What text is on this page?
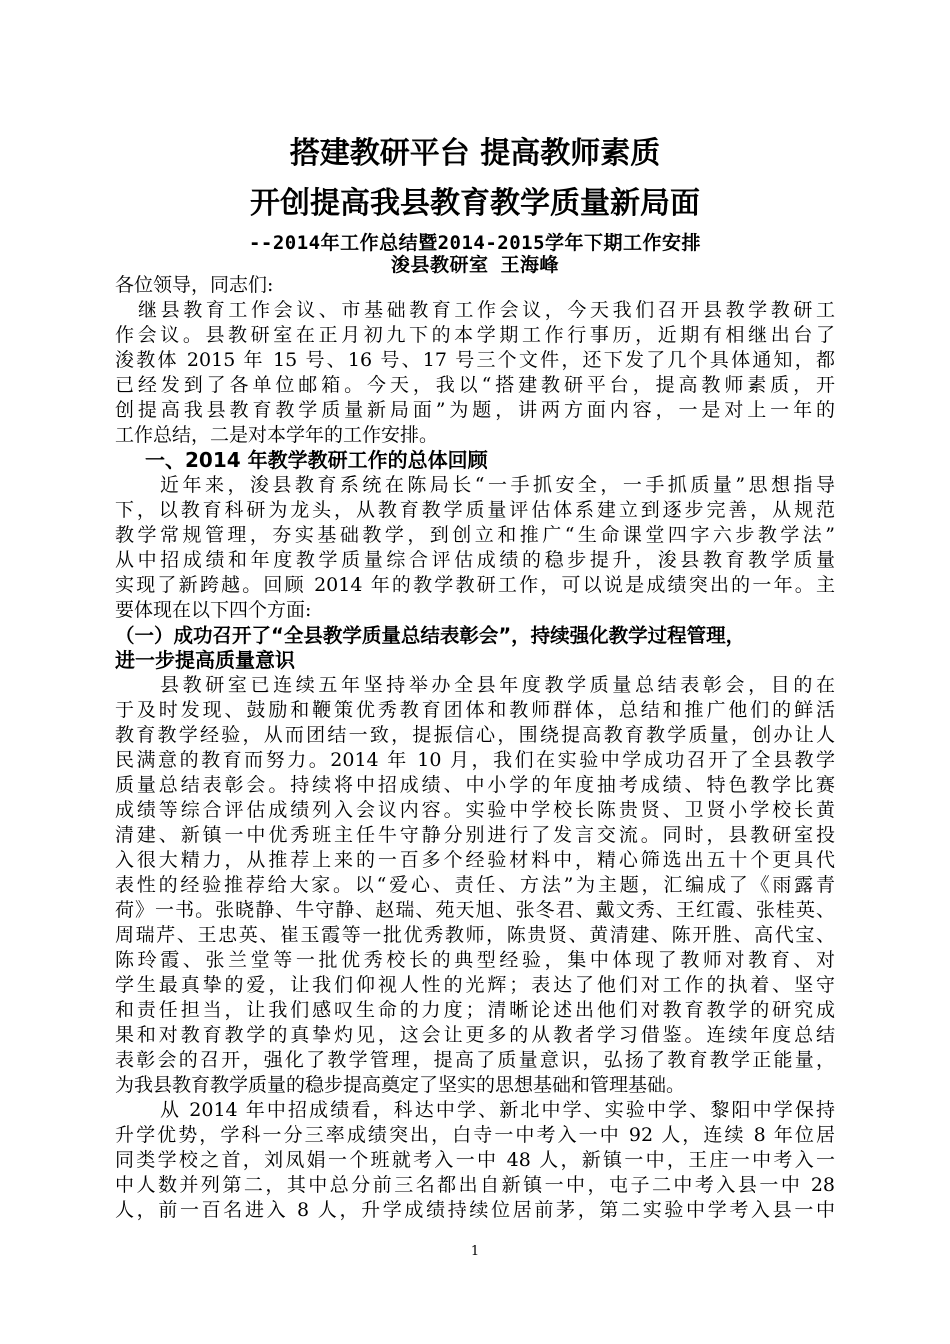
搭建教研平台 提高教师素质
开创提高我县教育教学质量新局面
--2014年工作总结暨2014-2015学年下期工作安排
浚县教研室 王海峰
各位领导，同志们:
继县教育工作会议、市基础教育工作会议，今天我们召开县教学教研工
作会议。县教研室在正月初九下的本学期工作行事历，近期有相继出台了
浚教体 2015 年 15 号、16 号、17 号三个文件，还下发了几个具体通知，都
已经发到了各单位邮箱。今天，我以“搭建教研平台，提高教师素质，开
创提高我县教育教学质量新局面”为题，讲两方面内容，一是对上一年的
工作总结，二是对本学年的工作安排。
一、2014 年教学教研工作的总体回顾
近年来，浚县教育系统在陈局长“一手抓安全，一手抓质量”思想指导
下，以教育科研为龙头，从教育教学质量评估体系建立到逐步完善，从规范
教学常规管理，夯实基础教学，到创立和推广“生命课堂四字六步教学法”
从中招成绩和年度教学质量综合评估成绩的稳步提升，浚县教育教学质量
实现了新跨越。回顾 2014 年的教学教研工作，可以说是成绩突出的一年。主
要体现在以下四个方面:
（一）成功召开了“全县教学质量总结表彰会”，持续强化教学过程管理，
进一步提高质量意识
县教研室已连续五年坚持举办全县年度教学质量总结表彰会，目的在
于及时发现、鼓励和鞭策优秀教育团体和教师群体，总结和推广他们的鲜活
教育教学经验，从而团结一致，提振信心，围绕提高教育教学质量，创办让人
民满意的教育而努力。2014 年 10 月，我们在实验中学成功召开了全县教学
质量总结表彰会。持续将中招成绩、中小学的年度抽考成绩、特色教学比赛
成绩等综合评估成绩列入会议内容。实验中学校长陈贵贤、卫贤小学校长黄
清建、新镇一中优秀班主任牛守静分别进行了发言交流。同时，县教研室投
入很大精力，从推荐上来的一百多个经验材料中，精心筛选出五十个更具代
表性的经验推荐给大家。以“爱心、责任、方法”为主题，汇编成了《雨露青
荷》一书。张晓静、牛守静、赵瑞、苑天旭、张冬君、戴文秀、王红霞、张桂英、
周瑞芹、王忠英、崔玉霞等一批优秀教师，陈贵贤、黄清建、陈开胜、高代宝、
陈玲霞、张兰堂等一批优秀校长的典型经验，集中体现了教师对教育、对
学生最真挚的爱，让我们仰视人性的光辉；表达了他们对工作的执着、坚守
和责任担当，让我们感叹生命的力度；清晰论述出他们对教育教学的研究成
果和对教育教学的真挚灼见，这会让更多的从教者学习借鉴。连续年度总结
表彰会的召开，强化了教学管理，提高了质量意识，弘扬了教育教学正能量，
为我县教育教学质量的稳步提高奠定了坚实的思想基础和管理基础。
从 2014 年中招成绩看，科达中学、新北中学、实验中学、黎阳中学保持
升学优势，学科一分三率成绩突出，白寺一中考入一中 92 人，连续 8 年位居
同类学校之首，刘凤娟一个班就考入一中 48 人，新镇一中，王庄一中考入一
中人数并列第二，其中总分前三名都出自新镇一中，屯子二中考入县一中 28
人，前一百名进入 8 人，升学成绩持续位居前茅，第二实验中学考入县一中
1
